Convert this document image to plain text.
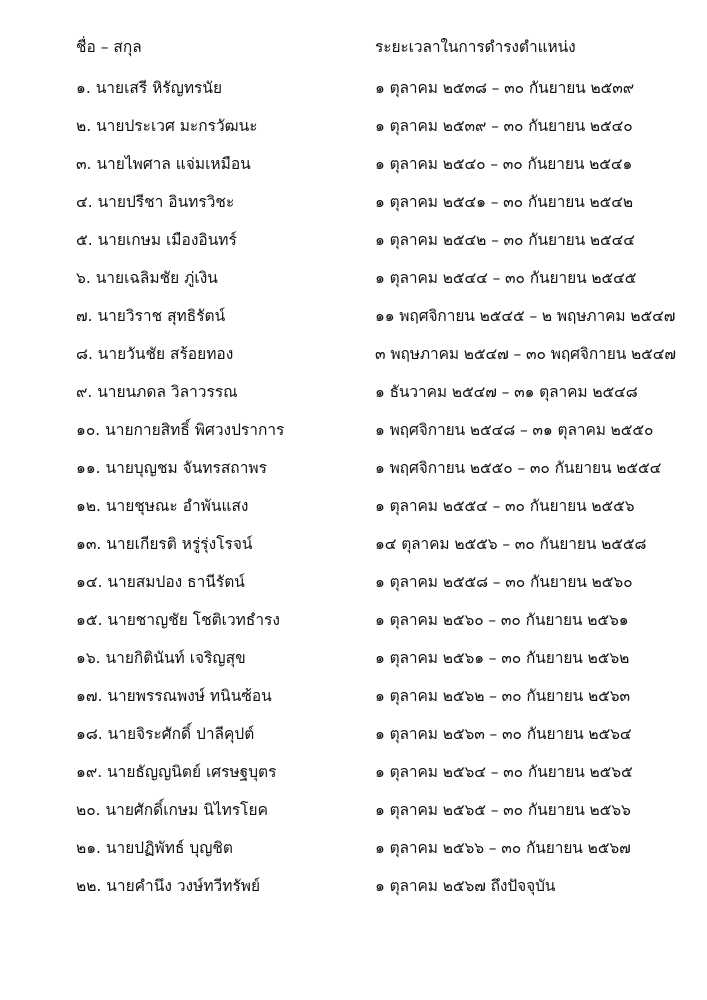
ชื่อ – สกุล	ระยะเวลาในการดำรงตำแหน่ง
๑. นายเสรี หิรัญทรนัย	๑ ตุลาคม ๒๕๓๘ – ๓๐ กันยายน ๒๕๓๙
๒. นายประเวศ มะกรวัฒนะ	๑ ตุลาคม ๒๕๓๙ – ๓๐ กันยายน ๒๕๔๐
๓. นายไพศาล แจ่มเหมือน	๑ ตุลาคม ๒๕๔๐ – ๓๐ กันยายน ๒๕๔๑
๔. นายปรีชา อินทรวิชะ	๑ ตุลาคม ๒๕๔๑ – ๓๐ กันยายน ๒๕๔๒
๕. นายเกษม เมืองอินทร์	๑ ตุลาคม ๒๕๔๒ – ๓๐ กันยายน ๒๕๔๔
๖. นายเฉลิมชัย ภู่เงิน	๑ ตุลาคม ๒๕๔๔ – ๓๐ กันยายน ๒๕๔๕
๗. นายวิราช สุทธิรัตน์	๑๑ พฤศจิกายน ๒๕๔๕ – ๒ พฤษภาคม ๒๕๔๗
๘. นายวันชัย สร้อยทอง	๓ พฤษภาคม ๒๕๔๗ – ๓๐ พฤศจิกายน ๒๕๔๗
๙. นายนภดล วิลาวรรณ	๑ ธันวาคม ๒๕๔๗ – ๓๑ ตุลาคม ๒๕๔๘
๑๐. นายกายสิทธิ์ พิศวงปราการ	๑ พฤศจิกายน ๒๕๔๘ – ๓๑ ตุลาคม ๒๕๕๐
๑๑. นายบุญชม จันทรสถาพร	๑ พฤศจิกายน ๒๕๕๐ – ๓๐ กันยายน ๒๕๕๔
๑๒. นายชุษณะ อำพันแสง	๑ ตุลาคม ๒๕๕๔ – ๓๐ กันยายน ๒๕๕๖
๑๓. นายเกียรติ หรู่รุ่งโรจน์	๑๔ ตุลาคม ๒๕๕๖ – ๓๐ กันยายน ๒๕๕๘
๑๔. นายสมปอง ธานีรัตน์	๑ ตุลาคม ๒๕๕๘ – ๓๐ กันยายน ๒๕๖๐
๑๕. นายชาญชัย โชติเวทธำรง	๑ ตุลาคม ๒๕๖๐ – ๓๐ กันยายน ๒๕๖๑
๑๖. นายกิตินันท์ เจริญสุข	๑ ตุลาคม ๒๕๖๑ – ๓๐ กันยายน ๒๕๖๒
๑๗. นายพรรณพงษ์ ทนินซ้อน	๑ ตุลาคม ๒๕๖๒ – ๓๐ กันยายน ๒๕๖๓
๑๘. นายจิระศักดิ์ ปาลีคุปต์	๑ ตุลาคม ๒๕๖๓ – ๓๐ กันยายน ๒๕๖๔
๑๙. นายธัญญนิตย์ เศรษฐบุตร	๑ ตุลาคม ๒๕๖๔ – ๓๐ กันยายน ๒๕๖๕
๒๐. นายศักดิ์เกษม นิไทรโยค	๑ ตุลาคม ๒๕๖๕ – ๓๐ กันยายน ๒๕๖๖
๒๑. นายปฏิพัทธ์ บุญชิต	๑ ตุลาคม ๒๕๖๖ – ๓๐ กันยายน ๒๕๖๗
๒๒. นายคำนึง วงษ์ทวีทรัพย์	๑ ตุลาคม ๒๕๖๗ ถึงปัจจุบัน
